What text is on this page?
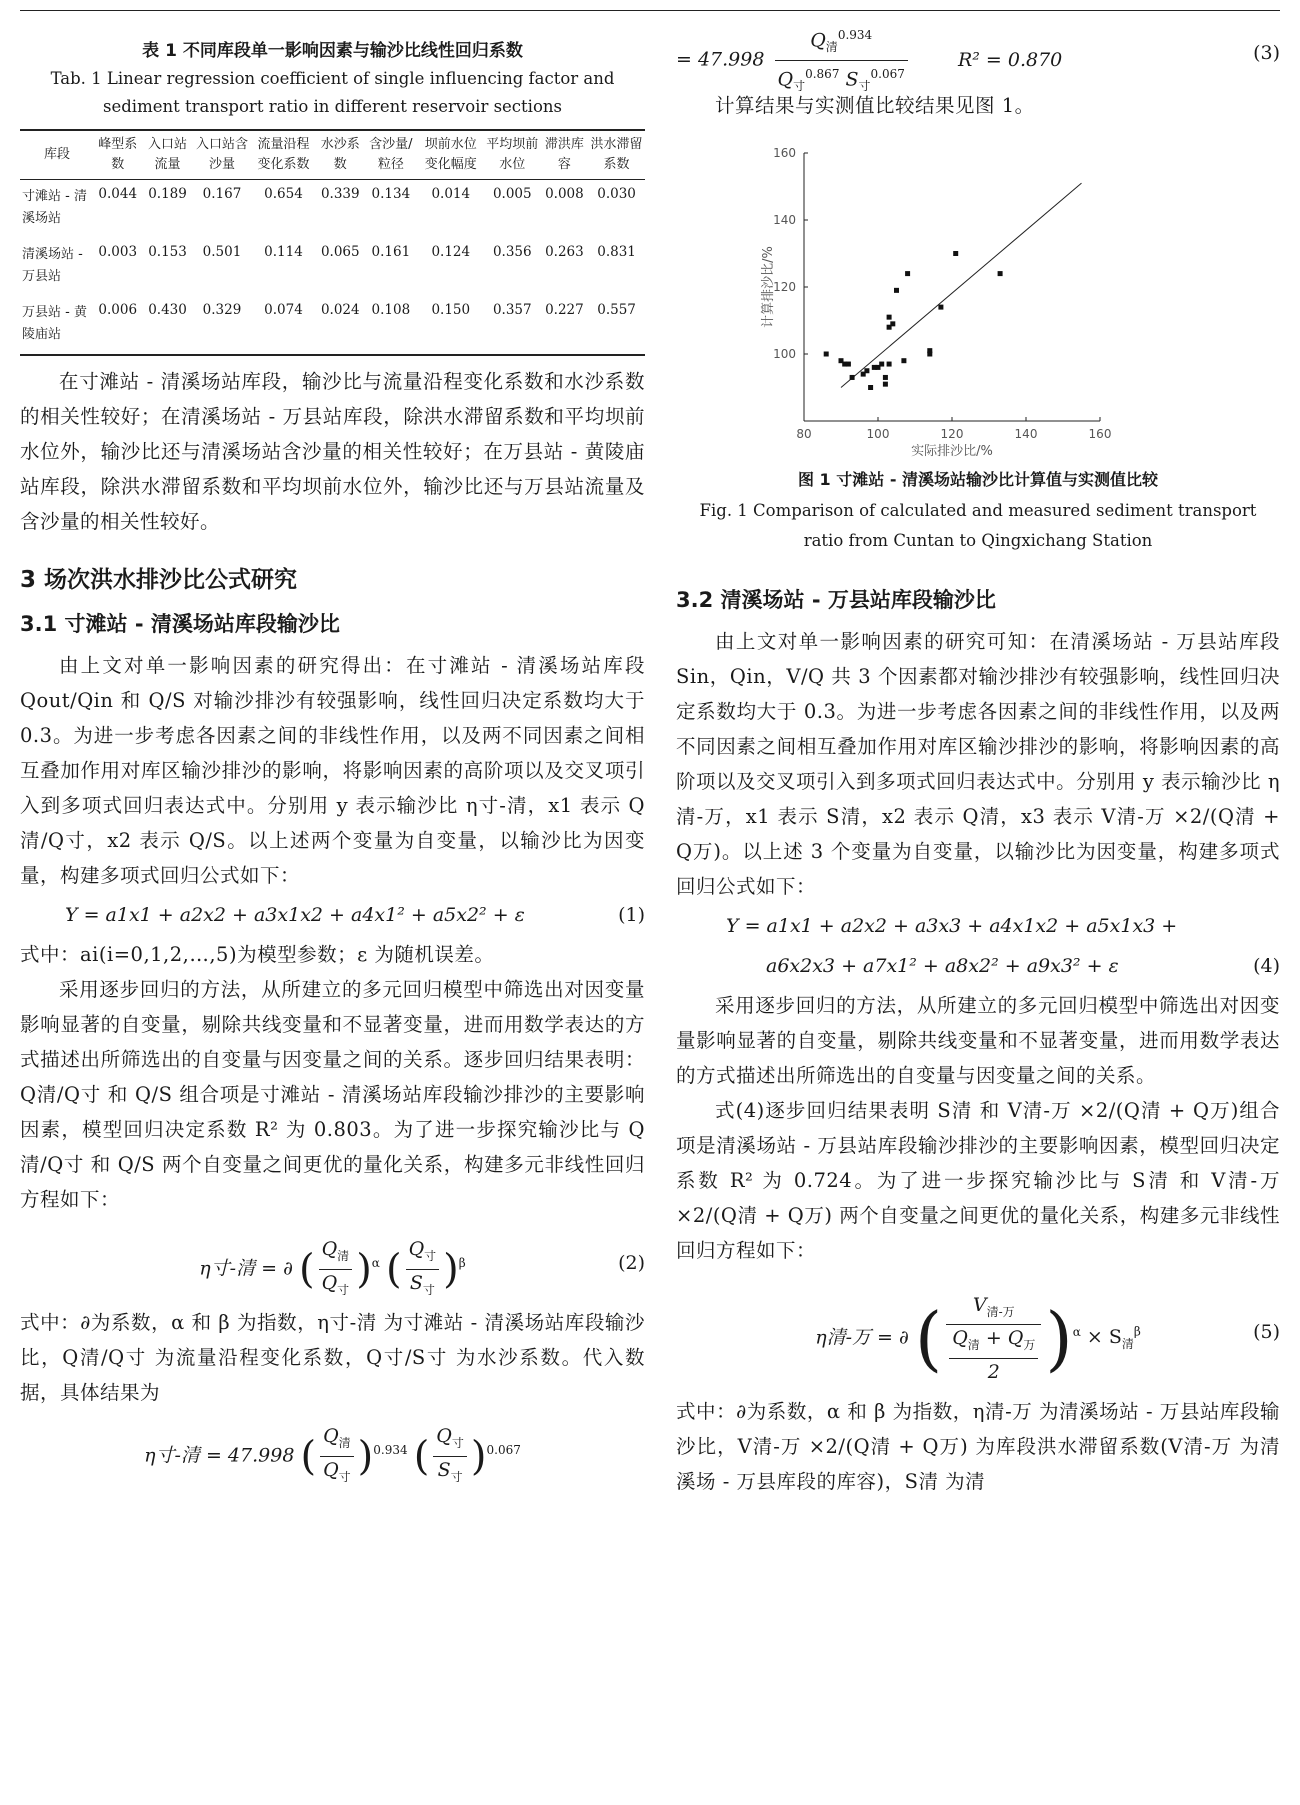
表 1 不同库段单一影响因素与输沙比线性回归系数
Tab. 1 Linear regression coefficient of single influencing factor and sediment transport ratio in different reservoir sections
库段	峰型系数	入口站流量	入口站含沙量	流量沿程变化系数	水沙系数	含沙量/粒径	坝前水位变化幅度	平均坝前水位	滞洪库容	洪水滞留系数
寸滩站 - 清溪场站	0.044	0.189	0.167	0.654	0.339	0.134	0.014	0.005	0.008	0.030
清溪场站 - 万县站	0.003	0.153	0.501	0.114	0.065	0.161	0.124	0.356	0.263	0.831
万县站 - 黄陵庙站	0.006	0.430	0.329	0.074	0.024	0.108	0.150	0.357	0.227	0.557

在寸滩站 - 清溪场站库段，输沙比与流量沿程变化系数和水沙系数的相关性较好；在清溪场站 - 万县站库段，除洪水滞留系数和平均坝前水位外，输沙比还与清溪场站含沙量的相关性较好；在万县站 - 黄陵庙站库段，除洪水滞留系数和平均坝前水位外，输沙比还与万县站流量及含沙量的相关性较好。

3 场次洪水排沙比公式研究
3.1 寸滩站 - 清溪场站库段输沙比

由上文对单一影响因素的研究得出：在寸滩站 - 清溪场站库段 Qout/Qin 和 Q/S 对输沙排沙有较强影响，线性回归决定系数均大于 0.3。为进一步考虑各因素之间的非线性作用，以及两不同因素之间相互叠加作用对库区输沙排沙的影响，将影响因素的高阶项以及交叉项引入到多项式回归表达式中。分别用 y 表示输沙比 η寸-清，x1 表示 Q清/Q寸，x2 表示 Q/S。以上述两个变量为自变量，以输沙比为因变量，构建多项式回归公式如下：

Y = a1x1 + a2x2 + a3x1x2 + a4x1² + a5x2² + ε	(1)

式中：ai(i=0,1,2,…,5)为模型参数；ε 为随机误差。

采用逐步回归的方法，从所建立的多元回归模型中筛选出对因变量影响显著的自变量，剔除共线变量和不显著变量，进而用数学表达的方式描述出所筛选出的自变量与因变量之间的关系。逐步回归结果表明：Q清/Q寸 和 Q/S 组合项是寸滩站 - 清溪场站库段输沙排沙的主要影响因素，模型回归决定系数 R² 为 0.803。为了进一步探究输沙比与 Q清/Q寸 和 Q/S 两个自变量之间更优的量化关系，构建多元非线性回归方程如下：

η寸-清 = ∂ ( $\frac{Q_清}{Q_寸} )^\alpha$ ( $\frac{Q_寸}{S_寸} )^\beta$	(2)

式中：∂为系数，α 和 β 为指数，η寸-清 为寸滩站 - 清溪场站库段输沙比，Q清/Q寸 为流量沿程变化系数，Q寸/S寸 为水沙系数。代入数据，具体结果为

η寸-清 = 47.998 ( $\frac{Q_清}{Q_寸} )^{0.934}$ ( $\frac{Q_寸}{S_寸} )^{0.067}$
= $47.998 \frac{Q_清^{0.934}}{Q_寸^{0.867} S_寸^{0.067}}$	R² = 0.870	(3)

计算结果与实测值比较结果见图 1。

80	100	120	140	160
100
120
140
160
实际排沙比/%
计算排沙比/%
图 1 寸滩站 - 清溪场站输沙比计算值与实测值比较
Fig. 1 Comparison of calculated and measured sediment transport ratio from Cuntan to Qingxichang Station
3.2 清溪场站 - 万县站库段输沙比

由上文对单一影响因素的研究可知：在清溪场站 - 万县站库段 Sin，Qin，V/Q 共 3 个因素都对输沙排沙有较强影响，线性回归决定系数均大于 0.3。为进一步考虑各因素之间的非线性作用，以及两不同因素之间相互叠加作用对库区输沙排沙的影响，将影响因素的高阶项以及交叉项引入到多项式回归表达式中。分别用 y 表示输沙比 η清-万，x1 表示 S清，x2 表示 Q清，x3 表示 V清-万 ×2/(Q清 + Q万)。以上述 3 个变量为自变量，以输沙比为因变量，构建多项式回归公式如下：

Y = a1x1 + a2x2 + a3x3 + a4x1x2 + a5x1x3 +
a6x2x3 + a7x1² + a8x2² + a9x3² + ε	(4)

采用逐步回归的方法，从所建立的多元回归模型中筛选出对因变量影响显著的自变量，剔除共线变量和不显著变量，进而用数学表达的方式描述出所筛选出的自变量与因变量之间的关系。

式(4)逐步回归结果表明 S清 和 V清-万 ×2/(Q清 + Q万)组合项是清溪场站 - 万县站库段输沙排沙的主要影响因素，模型回归决定系数 R² 为 0.724。为了进一步探究输沙比与 S清 和 V清-万 ×2/(Q清 + Q万) 两个自变量之间更优的量化关系，构建多元非线性回归方程如下：

η清-万 = ∂ ( $\frac{V_{清-万}}{\frac{Q_清 + Q_万}{2}} )^\alpha \times S_清^\beta$	(5)

式中：∂为系数，α 和 β 为指数，η清-万 为清溪场站 - 万县站库段输沙比，V清-万 ×2/(Q清 + Q万) 为库段洪水滞留系数(V清-万 为清溪场 - 万县库段的库容)，S清 为清
